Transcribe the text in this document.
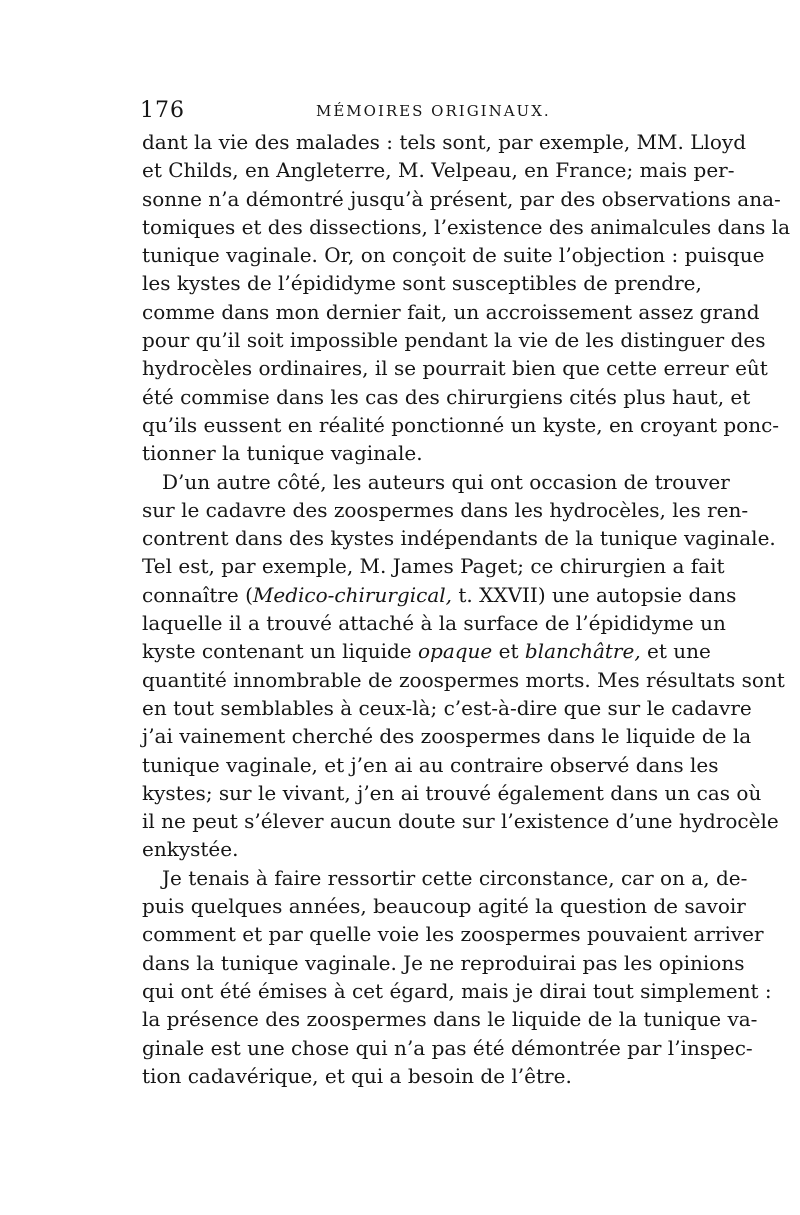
176	MÉMOIRES ORIGINAUX.

dant la vie des malades : tels sont, par exemple, MM. Lloyd
et Childs, en Angleterre, M. Velpeau, en France; mais per-
sonne n’a démontré jusqu’à présent, par des observations ana-
tomiques et des dissections, l’existence des animalcules dans la
tunique vaginale. Or, on conçoit de suite l’objection : puisque
les kystes de l’épididyme sont susceptibles de prendre,
comme dans mon dernier fait, un accroissement assez grand
pour qu’il soit impossible pendant la vie de les distinguer des
hydrocèles ordinaires, il se pourrait bien que cette erreur eût
été commise dans les cas des chirurgiens cités plus haut, et
qu’ils eussent en réalité ponctionné un kyste, en croyant ponc-
tionner la tunique vaginale.

D’un autre côté, les auteurs qui ont occasion de trouver
sur le cadavre des zoospermes dans les hydrocèles, les ren-
contrent dans des kystes indépendants de la tunique vaginale.
Tel est, par exemple, M. James Paget; ce chirurgien a fait
connaître (Medico-chirurgical, t. XXVII) une autopsie dans
laquelle il a trouvé attaché à la surface de l’épididyme un
kyste contenant un liquide opaque et blanchâtre, et une
quantité innombrable de zoospermes morts. Mes résultats sont
en tout semblables à ceux-là; c’est-à-dire que sur le cadavre
j’ai vainement cherché des zoospermes dans le liquide de la
tunique vaginale, et j’en ai au contraire observé dans les
kystes; sur le vivant, j’en ai trouvé également dans un cas où
il ne peut s’élever aucun doute sur l’existence d’une hydrocèle
enkystée.

Je tenais à faire ressortir cette circonstance, car on a, de-
puis quelques années, beaucoup agité la question de savoir
comment et par quelle voie les zoospermes pouvaient arriver
dans la tunique vaginale. Je ne reproduirai pas les opinions
qui ont été émises à cet égard, mais je dirai tout simplement :
la présence des zoospermes dans le liquide de la tunique va-
ginale est une chose qui n’a pas été démontrée par l’inspec-
tion cadavérique, et qui a besoin de l’être.
